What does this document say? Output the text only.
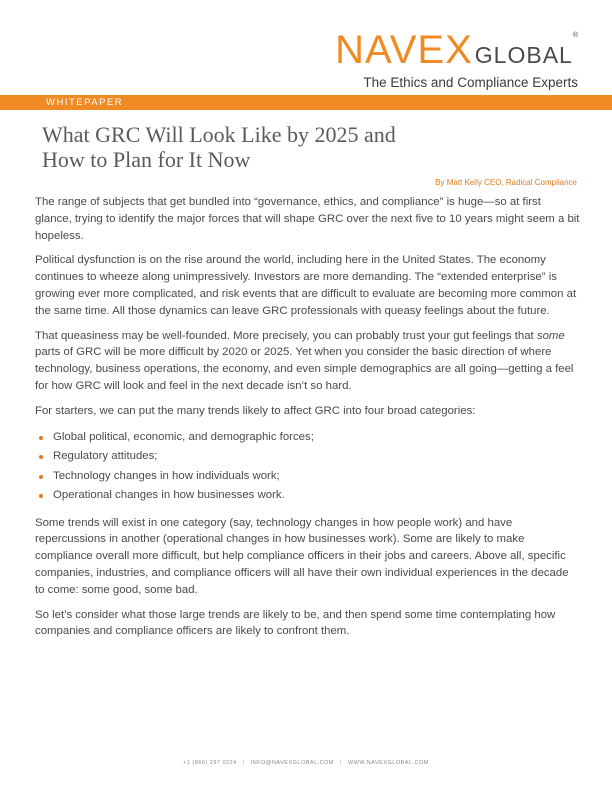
NAVEXGLOBAL®
The Ethics and Compliance Experts
WHITEPAPER
What GRC Will Look Like by 2025 and
How to Plan for It Now
By Matt Kelly CEO, Radical Compliance

The range of subjects that get bundled into “governance, ethics, and compliance” is huge—so at first glance, trying to identify the major forces that will shape GRC over the next five to 10 years might seem a bit hopeless.

Political dysfunction is on the rise around the world, including here in the United States. The economy continues to wheeze along unimpressively. Investors are more demanding. The “extended enterprise” is growing ever more complicated, and risk events that are difficult to evaluate are becoming more common at the same time. All those dynamics can leave GRC professionals with queasy feelings about the future.

That queasiness may be well-founded. More precisely, you can probably trust your gut feelings that some parts of GRC will be more difficult by 2020 or 2025. Yet when you consider the basic direction of where technology, business operations, the economy, and even simple demographics are all going—getting a feel for how GRC will look and feel in the next decade isn’t so hard.

For starters, we can put the many trends likely to affect GRC into four broad categories:

Global political, economic, and demographic forces;
Regulatory attitudes;
Technology changes in how individuals work;
Operational changes in how businesses work.

Some trends will exist in one category (say, technology changes in how people work) and have repercussions in another (operational changes in how businesses work). Some are likely to make compliance overall more difficult, but help compliance officers in their jobs and careers. Above all, specific companies, industries, and compliance officers will all have their own individual experiences in the decade to come: some good, some bad.

So let’s consider what those large trends are likely to be, and then spend some time contemplating how companies and compliance officers are likely to confront them.

+1 (866) 297 0224 | INFO@NAVEXGLOBAL.COM | WWW.NAVEXGLOBAL.COM
